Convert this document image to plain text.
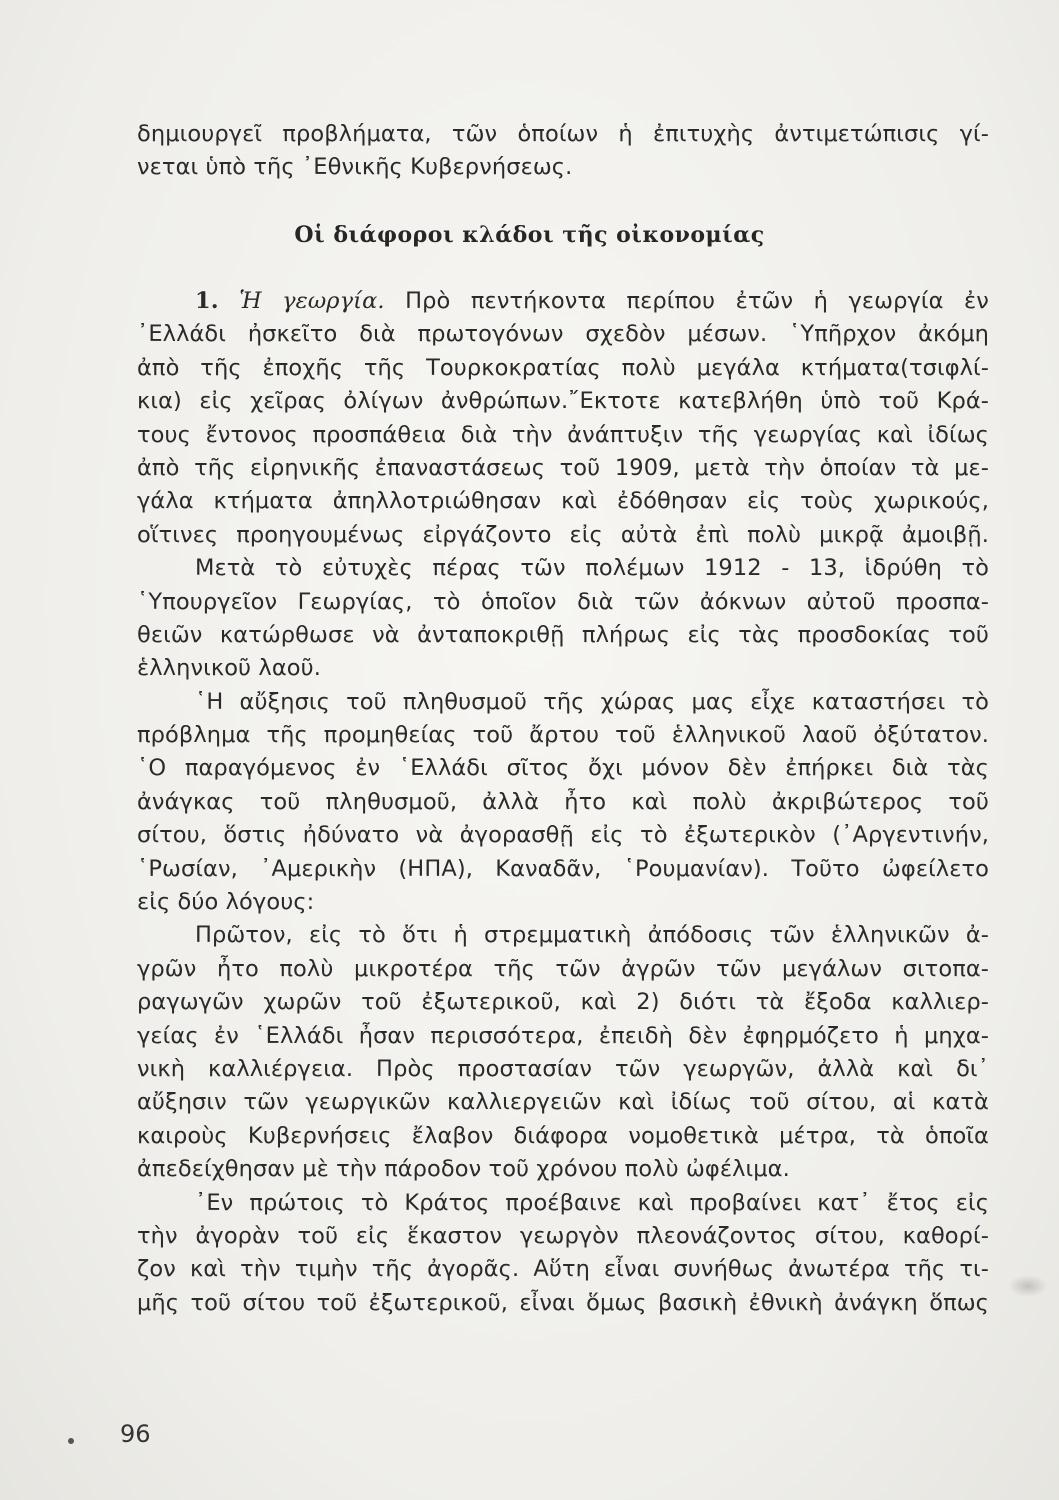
δημιουργεῖ προβλήματα, τῶν ὁποίων ἡ ἐπιτυχὴς ἀντιμετώπισις γί-
νεται ὑπὸ τῆς ᾿Εθνικῆς Κυβερνήσεως.
Οἱ διάφοροι κλάδοι τῆς οἰκονομίας
1. Ἡ γεωργία. Πρὸ πεντήκοντα περίπου ἐτῶν ἡ γεωργία ἐν
᾿Ελλάδι ἠσκεῖτο διὰ πρωτογόνων σχεδὸν μέσων. ῾Υπῆρχον ἀκόμη
ἀπὸ τῆς ἐποχῆς τῆς Τουρκοκρατίας πολὺ μεγάλα κτήματα(τσιφλί-
κια) εἰς χεῖρας ὀλίγων ἀνθρώπων.῎Εκτοτε κατεβλήθη ὑπὸ τοῦ Κρά-
τους ἔντονος προσπάθεια διὰ τὴν ἀνάπτυξιν τῆς γεωργίας καὶ ἰδίως
ἀπὸ τῆς εἰρηνικῆς ἐπαναστάσεως τοῦ 1909, μετὰ τὴν ὁποίαν τὰ με-
γάλα κτήματα ἀπηλλοτριώθησαν καὶ ἐδόθησαν εἰς τοὺς χωρικούς,
οἵτινες προηγουμένως εἰργάζοντο εἰς αὐτὰ ἐπὶ πολὺ μικρᾷ ἀμοιβῇ.
Μετὰ τὸ εὐτυχὲς πέρας τῶν πολέμων 1912 - 13, ἱδρύθη τὸ
῾Υπουργεῖον Γεωργίας, τὸ ὁποῖον διὰ τῶν ἀόκνων αὐτοῦ προσπα-
θειῶν κατώρθωσε νὰ ἀνταποκριθῇ πλήρως εἰς τὰς προσδοκίας τοῦ
ἑλληνικοῦ λαοῦ.
῾Η αὔξησις τοῦ πληθυσμοῦ τῆς χώρας μας εἶχε καταστήσει τὸ
πρόβλημα τῆς προμηθείας τοῦ ἄρτου τοῦ ἑλληνικοῦ λαοῦ ὀξύτατον.
῾Ο παραγόμενος ἐν ῾Ελλάδι σῖτος ὄχι μόνον δὲν ἐπήρκει διὰ τὰς
ἀνάγκας τοῦ πληθυσμοῦ, ἀλλὰ ἦτο καὶ πολὺ ἀκριβώτερος τοῦ
σίτου, ὅστις ἠδύνατο νὰ ἀγορασθῇ εἰς τὸ ἐξωτερικὸν (᾿Αργεντινήν,
῾Ρωσίαν, ᾿Αμερικὴν (ΗΠΑ), Καναδᾶν, ῾Ρουμανίαν). Τοῦτο ὠφείλετο
εἰς δύο λόγους:
Πρῶτον, εἰς τὸ ὅτι ἡ στρεμματικὴ ἀπόδοσις τῶν ἑλληνικῶν ἀ-
γρῶν ἦτο πολὺ μικροτέρα τῆς τῶν ἀγρῶν τῶν μεγάλων σιτοπα-
ραγωγῶν χωρῶν τοῦ ἐξωτερικοῦ, καὶ 2) διότι τὰ ἔξοδα καλλιερ-
γείας ἐν ῾Ελλάδι ἦσαν περισσότερα, ἐπειδὴ δὲν ἐφηρμόζετο ἡ μηχα-
νικὴ καλλιέργεια. Πρὸς προστασίαν τῶν γεωργῶν, ἀλλὰ καὶ δι᾿
αὔξησιν τῶν γεωργικῶν καλλιεργειῶν καὶ ἰδίως τοῦ σίτου, αἱ κατὰ
καιροὺς Κυβερνήσεις ἔλαβον διάφορα νομοθετικὰ μέτρα, τὰ ὁποῖα
ἀπεδείχθησαν μὲ τὴν πάροδον τοῦ χρόνου πολὺ ὠφέλιμα.
᾿Εν πρώτοις τὸ Κράτος προέβαινε καὶ προβαίνει κατ᾿ ἔτος εἰς
τὴν ἀγορὰν τοῦ εἰς ἕκαστον γεωργὸν πλεονάζοντος σίτου, καθορί-
ζον καὶ τὴν τιμὴν τῆς ἀγορᾶς. Αὕτη εἶναι συνήθως ἀνωτέρα τῆς τι-
μῆς τοῦ σίτου τοῦ ἐξωτερικοῦ, εἶναι ὅμως βασικὴ ἐθνικὴ ἀνάγκη ὅπως
96
